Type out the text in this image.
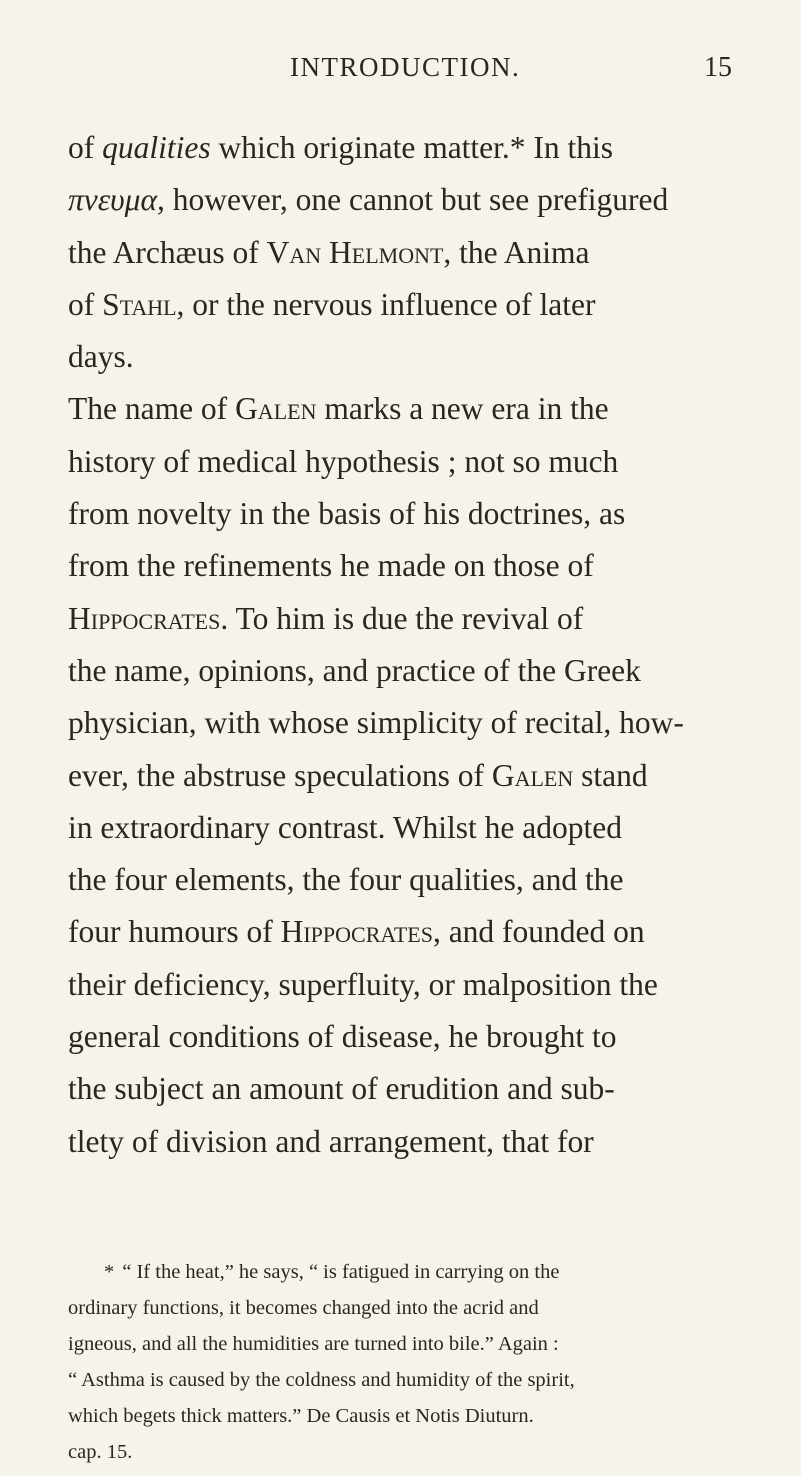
INTRODUCTION.	15
of qualities which originate matter.* In this
πνευμα, however, one cannot but see prefigured
the Archæus of Van Helmont, the Anima
of Stahl, or the nervous influence of later
days.
The name of Galen marks a new era in the
history of medical hypothesis ; not so much
from novelty in the basis of his doctrines, as
from the refinements he made on those of
Hippocrates. To him is due the revival of
the name, opinions, and practice of the Greek
physician, with whose simplicity of recital, how-
ever, the abstruse speculations of Galen stand
in extraordinary contrast. Whilst he adopted
the four elements, the four qualities, and the
four humours of Hippocrates, and founded on
their deficiency, superfluity, or malposition the
general conditions of disease, he brought to
the subject an amount of erudition and sub-
tlety of division and arrangement, that for
* “ If the heat,” he says, “ is fatigued in carrying on the
ordinary functions, it becomes changed into the acrid and
igneous, and all the humidities are turned into bile.” Again :
“ Asthma is caused by the coldness and humidity of the spirit,
which begets thick matters.” De Causis et Notis Diuturn.
cap. 15.
